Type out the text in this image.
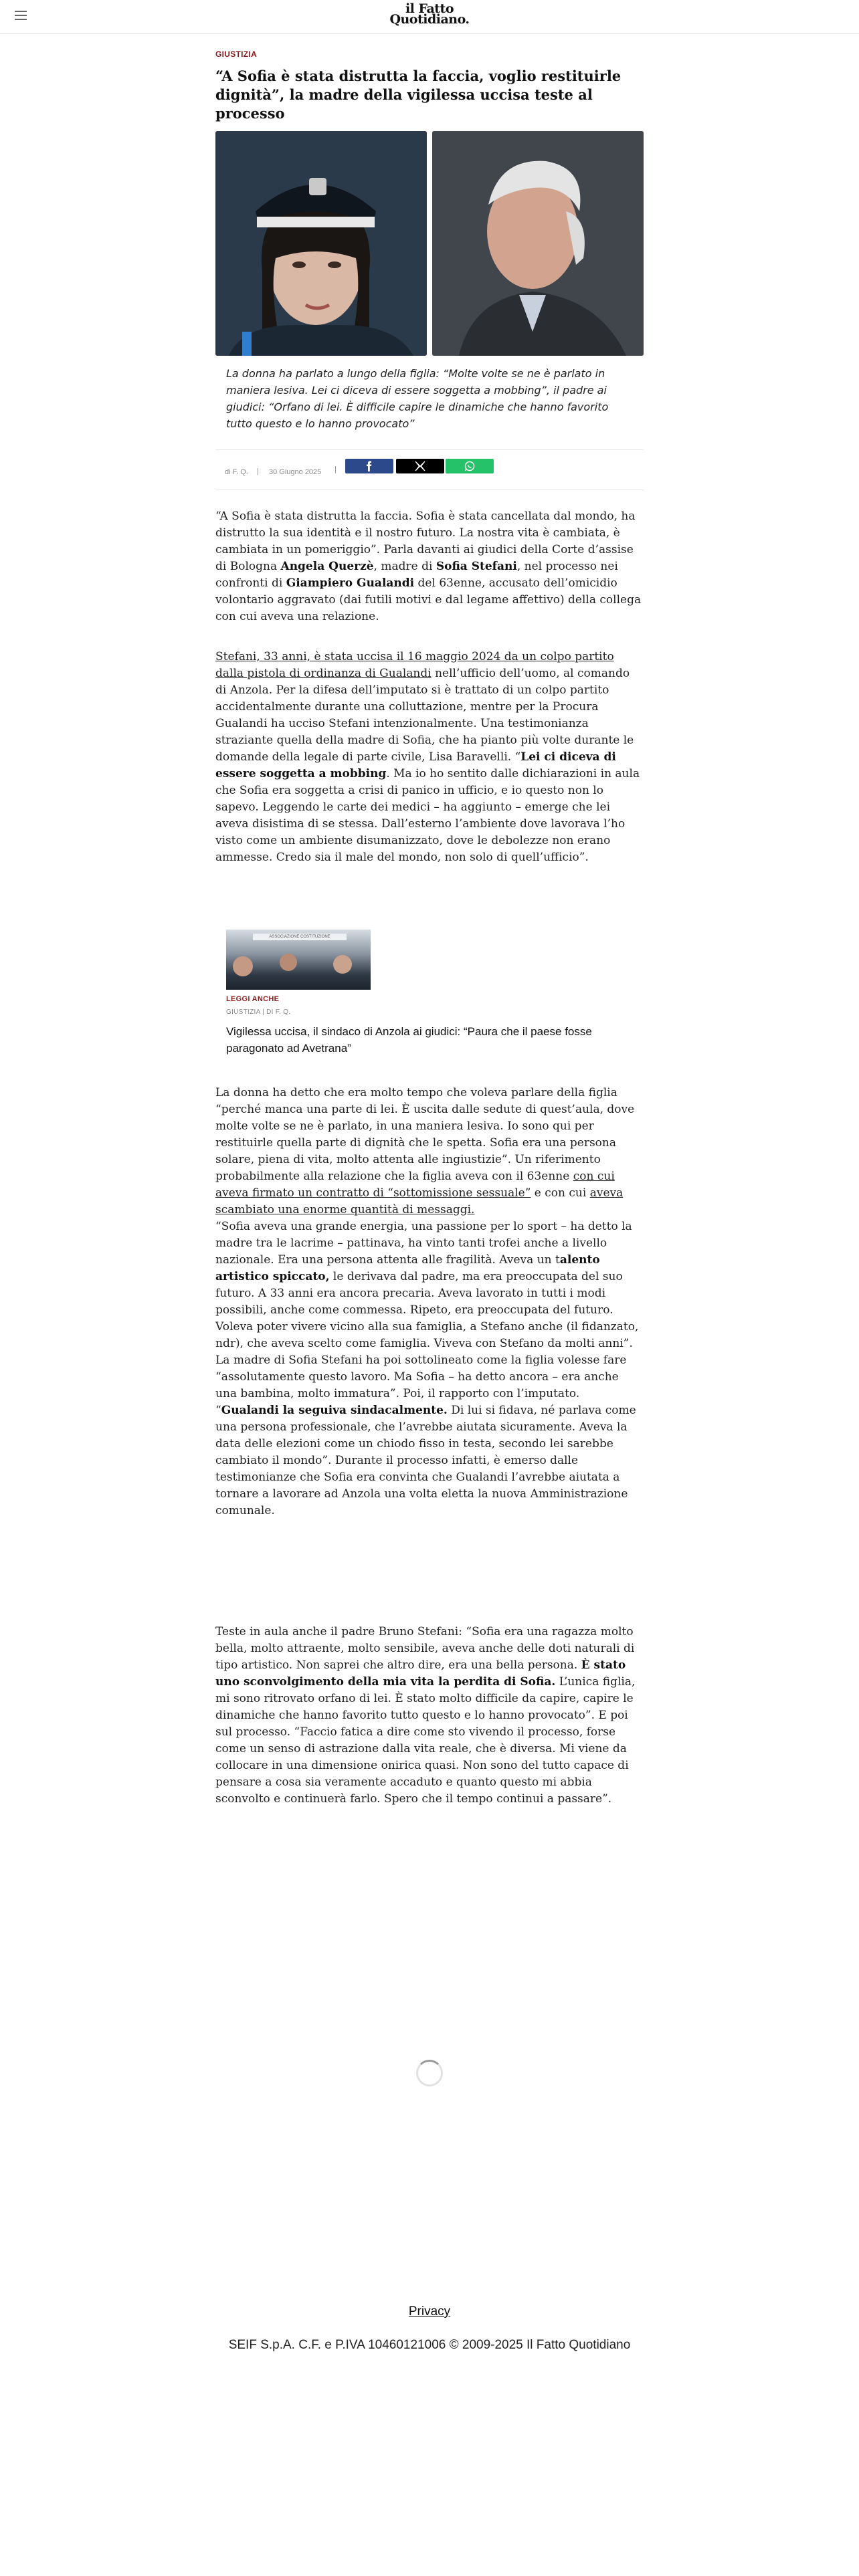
il Fatto
Quotidiano.
GIUSTIZIA
“A Sofia è stata distrutta la faccia, voglio restituirle dignità”, la madre della vigilessa uccisa teste al processo
La donna ha parlato a lungo della figlia: “Molte volte se ne è parlato in maniera lesiva. Lei ci diceva di essere soggetta a mobbing”, il padre ai giudici: “Orfano di lei. È difficile capire le dinamiche che hanno favorito tutto questo e lo hanno provocato”
di F. Q. | 30 Giugno 2025 |

“A Sofia è stata distrutta la faccia. Sofia è stata cancellata dal mondo, ha distrutto la sua identità e il nostro futuro. La nostra vita è cambiata, è cambiata in un pomeriggio”. Parla davanti ai giudici della Corte d’assise di Bologna Angela Querzè, madre di Sofia Stefani, nel processo nei confronti di Giampiero Gualandi del 63enne, accusato dell’omicidio volontario aggravato (dai futili motivi e dal legame affettivo) della collega con cui aveva una relazione.

Stefani, 33 anni, è stata uccisa il 16 maggio 2024 da un colpo partito dalla pistola di ordinanza di Gualandi nell’ufficio dell’uomo, al comando di Anzola. Per la difesa dell’imputato si è trattato di un colpo partito accidentalmente durante una colluttazione, mentre per la Procura Gualandi ha ucciso Stefani intenzionalmente. Una testimonianza straziante quella della madre di Sofia, che ha pianto più volte durante le domande della legale di parte civile, Lisa Baravelli. “Lei ci diceva di essere soggetta a mobbing. Ma io ho sentito dalle dichiarazioni in aula che Sofia era soggetta a crisi di panico in ufficio, e io questo non lo sapevo. Leggendo le carte dei medici – ha aggiunto – emerge che lei aveva disistima di se stessa. Dall’esterno l’ambiente dove lavorava l’ho visto come un ambiente disumanizzato, dove le debolezze non erano ammesse. Credo sia il male del mondo, non solo di quell’ufficio”.

ASSOCIAZIONE COSTITUZIONE
LEGGI ANCHE
GIUSTIZIA | DI F. Q.
Vigilessa uccisa, il sindaco di Anzola ai giudici: “Paura che il paese fosse paragonato ad Avetrana”

La donna ha detto che era molto tempo che voleva parlare della figlia “perché manca una parte di lei. È uscita dalle sedute di quest’aula, dove molte volte se ne è parlato, in una maniera lesiva. Io sono qui per restituirle quella parte di dignità che le spetta. Sofia era una persona solare, piena di vita, molto attenta alle ingiustizie”. Un riferimento probabilmente alla relazione che la figlia aveva con il 63enne con cui aveva firmato un contratto di “sottomissione sessuale” e con cui aveva scambiato una enorme quantità di messaggi.

“Sofia aveva una grande energia, una passione per lo sport – ha detto la madre tra le lacrime – pattinava, ha vinto tanti trofei anche a livello nazionale. Era una persona attenta alle fragilità. Aveva un talento artistico spiccato, le derivava dal padre, ma era preoccupata del suo futuro. A 33 anni era ancora precaria. Aveva lavorato in tutti i modi possibili, anche come commessa. Ripeto, era preoccupata del futuro. Voleva poter vivere vicino alla sua famiglia, a Stefano anche (il fidanzato, ndr), che aveva scelto come famiglia. Viveva con Stefano da molti anni”. La madre di Sofia Stefani ha poi sottolineato come la figlia volesse fare “assolutamente questo lavoro. Ma Sofia – ha detto ancora – era anche una bambina, molto immatura”. Poi, il rapporto con l’imputato. “Gualandi la seguiva sindacalmente. Di lui si fidava, né parlava come una persona professionale, che l’avrebbe aiutata sicuramente. Aveva la data delle elezioni come un chiodo fisso in testa, secondo lei sarebbe cambiato il mondo”. Durante il processo infatti, è emerso dalle testimonianze che Sofia era convinta che Gualandi l’avrebbe aiutata a tornare a lavorare ad Anzola una volta eletta la nuova Amministrazione comunale.

Teste in aula anche il padre Bruno Stefani: “Sofia era una ragazza molto bella, molto attraente, molto sensibile, aveva anche delle doti naturali di tipo artistico. Non saprei che altro dire, era una bella persona. È stato uno sconvolgimento della mia vita la perdita di Sofia. L’unica figlia, mi sono ritrovato orfano di lei. È stato molto difficile da capire, capire le dinamiche che hanno favorito tutto questo e lo hanno provocato”. E poi sul processo. “Faccio fatica a dire come sto vivendo il processo, forse come un senso di astrazione dalla vita reale, che è diversa. Mi viene da collocare in una dimensione onirica quasi. Non sono del tutto capace di pensare a cosa sia veramente accaduto e quanto questo mi abbia sconvolto e continuerà farlo. Spero che il tempo continui a passare”.

Privacy
SEIF S.p.A. C.F. e P.IVA 10460121006 © 2009-2025 Il Fatto Quotidiano
